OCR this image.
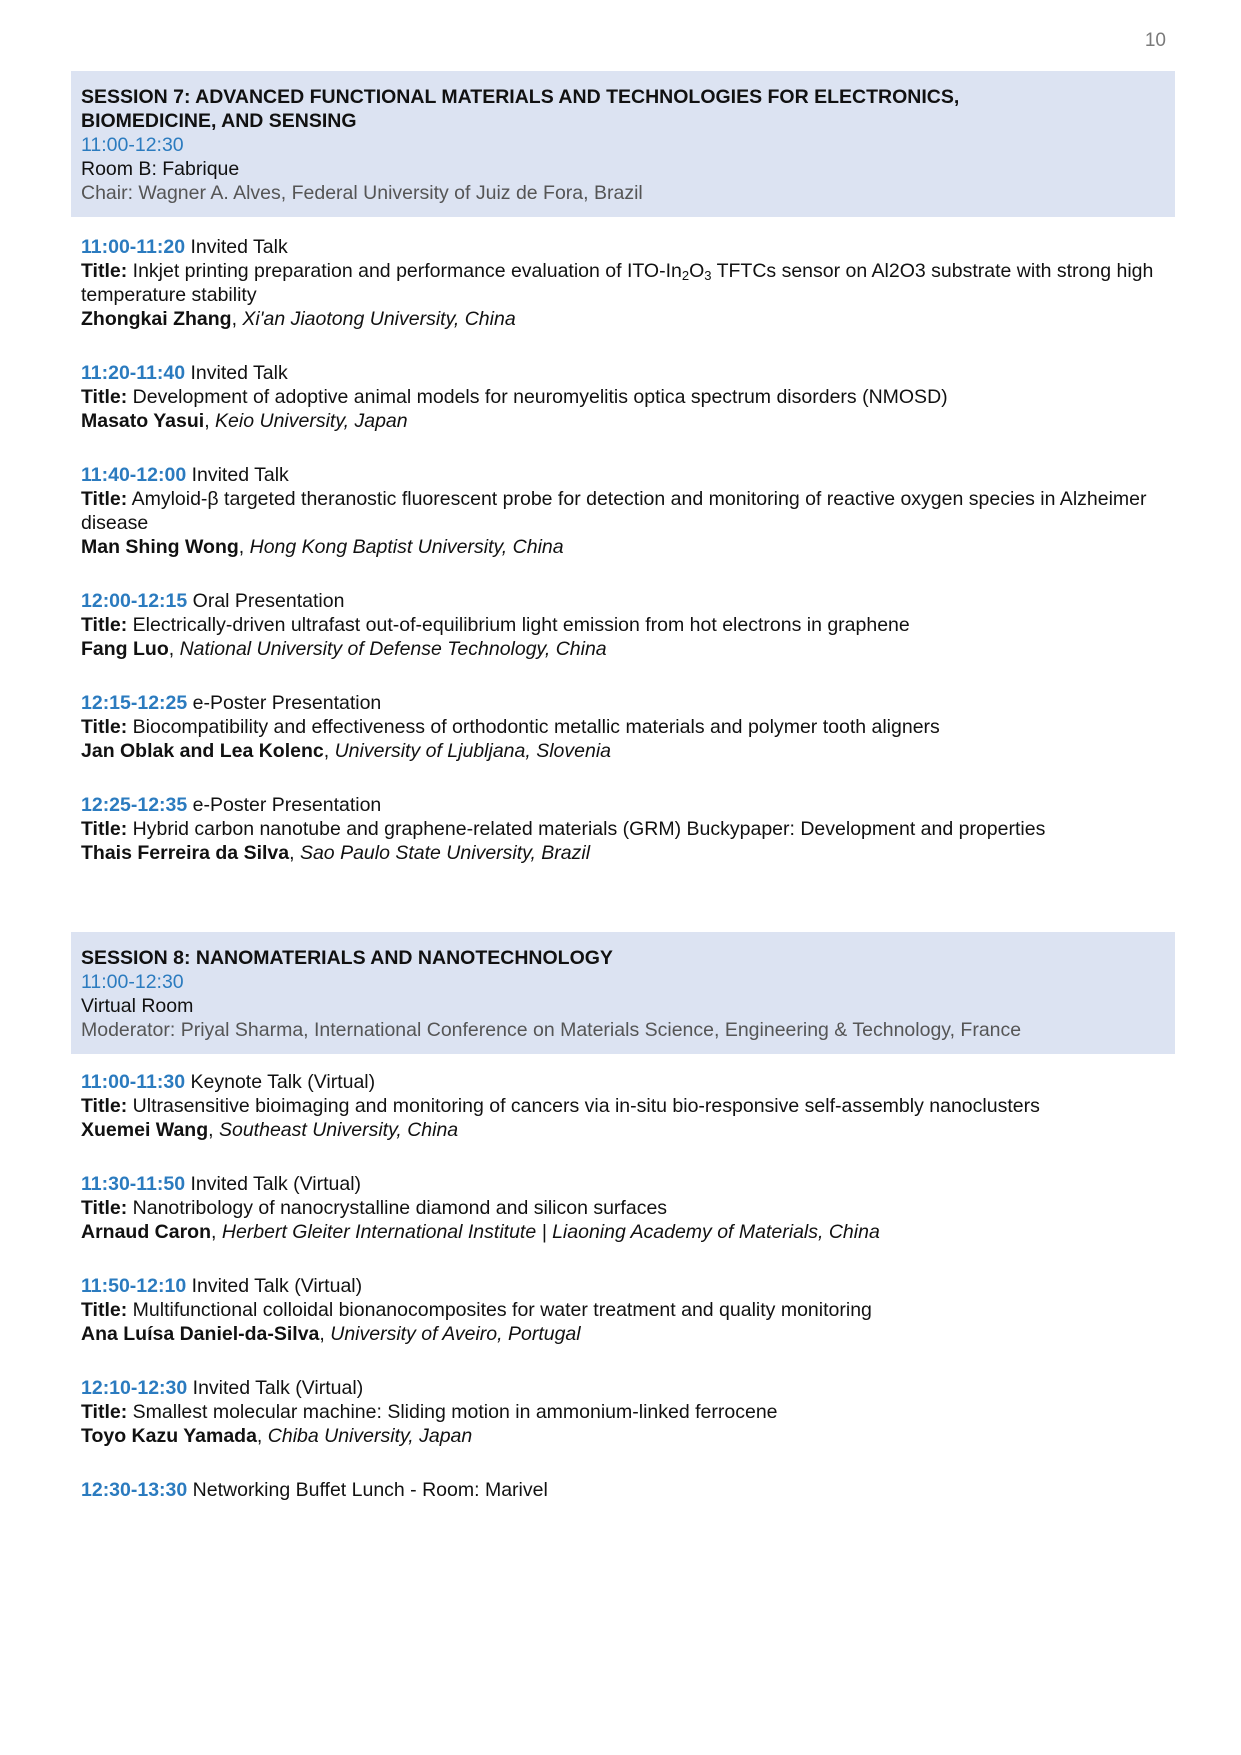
10
SESSION 7: ADVANCED FUNCTIONAL MATERIALS AND TECHNOLOGIES FOR ELECTRONICS, BIOMEDICINE, AND SENSING
11:00-12:30
Room B: Fabrique
Chair: Wagner A. Alves, Federal University of Juiz de Fora, Brazil
11:00-11:20 Invited Talk
Title: Inkjet printing preparation and performance evaluation of ITO-$In_2O_3$ TFTCs sensor on Al2O3 substrate with strong high temperature stability
Zhongkai Zhang, Xi'an Jiaotong University, China
11:20-11:40 Invited Talk
Title: Development of adoptive animal models for neuromyelitis optica spectrum disorders (NMOSD)
Masato Yasui, Keio University, Japan
11:40-12:00 Invited Talk
Title: Amyloid-β targeted theranostic fluorescent probe for detection and monitoring of reactive oxygen species in Alzheimer disease
Man Shing Wong, Hong Kong Baptist University, China
12:00-12:15 Oral Presentation
Title: Electrically-driven ultrafast out-of-equilibrium light emission from hot electrons in graphene
Fang Luo, National University of Defense Technology, China
12:15-12:25 e-Poster Presentation
Title: Biocompatibility and effectiveness of orthodontic metallic materials and polymer tooth aligners
Jan Oblak and Lea Kolenc, University of Ljubljana, Slovenia
12:25-12:35 e-Poster Presentation
Title: Hybrid carbon nanotube and graphene-related materials (GRM) Buckypaper: Development and properties
Thais Ferreira da Silva, Sao Paulo State University, Brazil
SESSION 8: NANOMATERIALS AND NANOTECHNOLOGY
11:00-12:30
Virtual Room
Moderator: Priyal Sharma, International Conference on Materials Science, Engineering & Technology, France
11:00-11:30 Keynote Talk (Virtual)
Title: Ultrasensitive bioimaging and monitoring of cancers via in-situ bio-responsive self-assembly nanoclusters
Xuemei Wang, Southeast University, China
11:30-11:50 Invited Talk (Virtual)
Title: Nanotribology of nanocrystalline diamond and silicon surfaces
Arnaud Caron, Herbert Gleiter International Institute | Liaoning Academy of Materials, China
11:50-12:10 Invited Talk (Virtual)
Title: Multifunctional colloidal bionanocomposites for water treatment and quality monitoring
Ana Luísa Daniel-da-Silva, University of Aveiro, Portugal
12:10-12:30 Invited Talk (Virtual)
Title: Smallest molecular machine: Sliding motion in ammonium-linked ferrocene
Toyo Kazu Yamada, Chiba University, Japan
12:30-13:30 Networking Buffet Lunch - Room: Marivel
